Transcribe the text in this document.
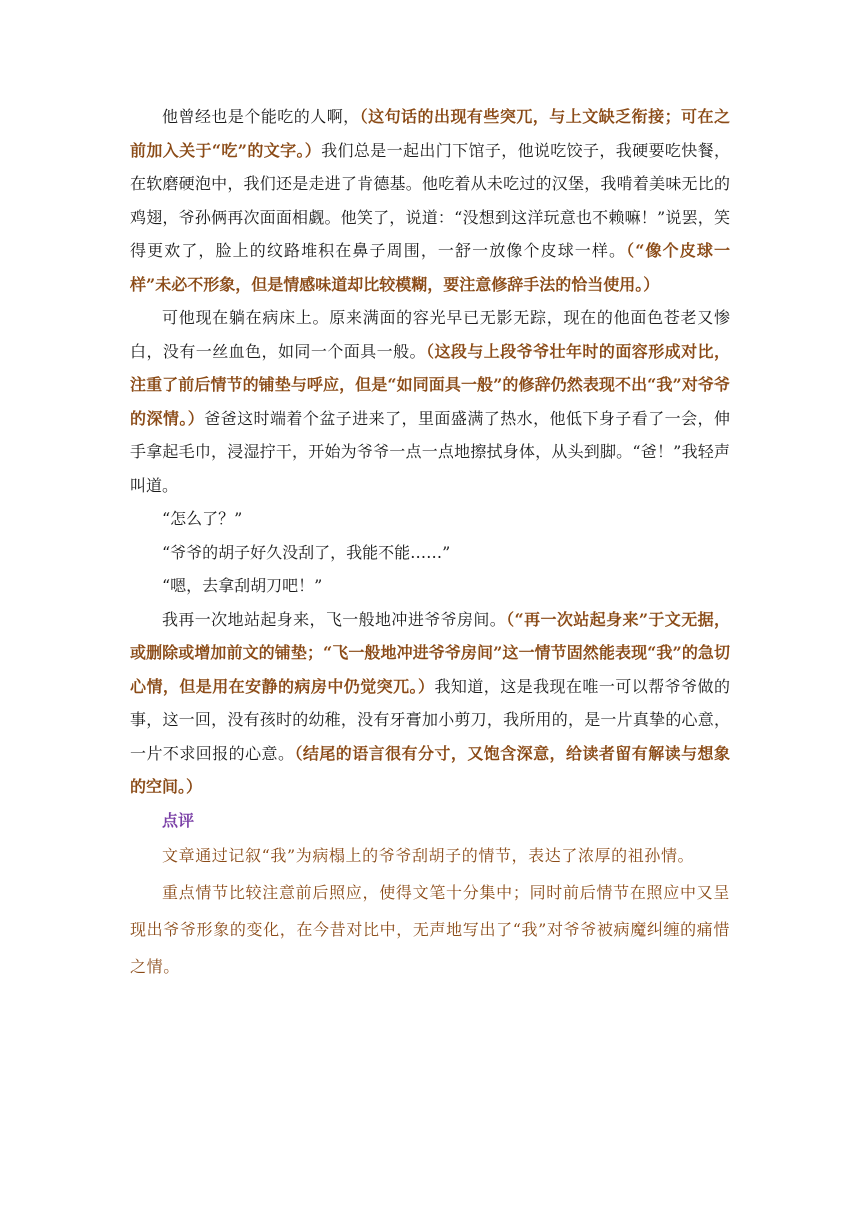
他曾经也是个能吃的人啊，（这句话的出现有些突兀，与上文缺乏衔接；可在之前加入关于“吃”的文字。）我们总是一起出门下馆子，他说吃饺子，我硬要吃快餐，在软磨硬泡中，我们还是走进了肯德基。他吃着从未吃过的汉堡，我啃着美味无比的鸡翅，爷孙俩再次面面相觑。他笑了，说道：“没想到这洋玩意也不赖嘛！”说罢，笑得更欢了，脸上的纹路堆积在鼻子周围，一舒一放像个皮球一样。（“像个皮球一样”未必不形象，但是情感味道却比较模糊，要注意修辞手法的恰当使用。）

可他现在躺在病床上。原来满面的容光早已无影无踪，现在的他面色苍老又惨白，没有一丝血色，如同一个面具一般。（这段与上段爷爷壮年时的面容形成对比，注重了前后情节的铺垫与呼应，但是“如同面具一般”的修辞仍然表现不出“我”对爷爷的深情。）爸爸这时端着个盆子进来了，里面盛满了热水，他低下身子看了一会，伸手拿起毛巾，浸湿拧干，开始为爷爷一点一点地擦拭身体，从头到脚。“爸！”我轻声叫道。

“怎么了？”

“爷爷的胡子好久没刮了，我能不能……”

“嗯，去拿刮胡刀吧！”

我再一次地站起身来，飞一般地冲进爷爷房间。（“再一次站起身来”于文无据，或删除或增加前文的铺垫；“飞一般地冲进爷爷房间”这一情节固然能表现“我”的急切心情，但是用在安静的病房中仍觉突兀。）我知道，这是我现在唯一可以帮爷爷做的事，这一回，没有孩时的幼稚，没有牙膏加小剪刀，我所用的，是一片真挚的心意，一片不求回报的心意。（结尾的语言很有分寸，又饱含深意，给读者留有解读与想象的空间。）

点评

文章通过记叙“我”为病榻上的爷爷刮胡子的情节，表达了浓厚的祖孙情。

重点情节比较注意前后照应，使得文笔十分集中；同时前后情节在照应中又呈现出爷爷形象的变化，在今昔对比中，无声地写出了“我”对爷爷被病魔纠缠的痛惜之情。
